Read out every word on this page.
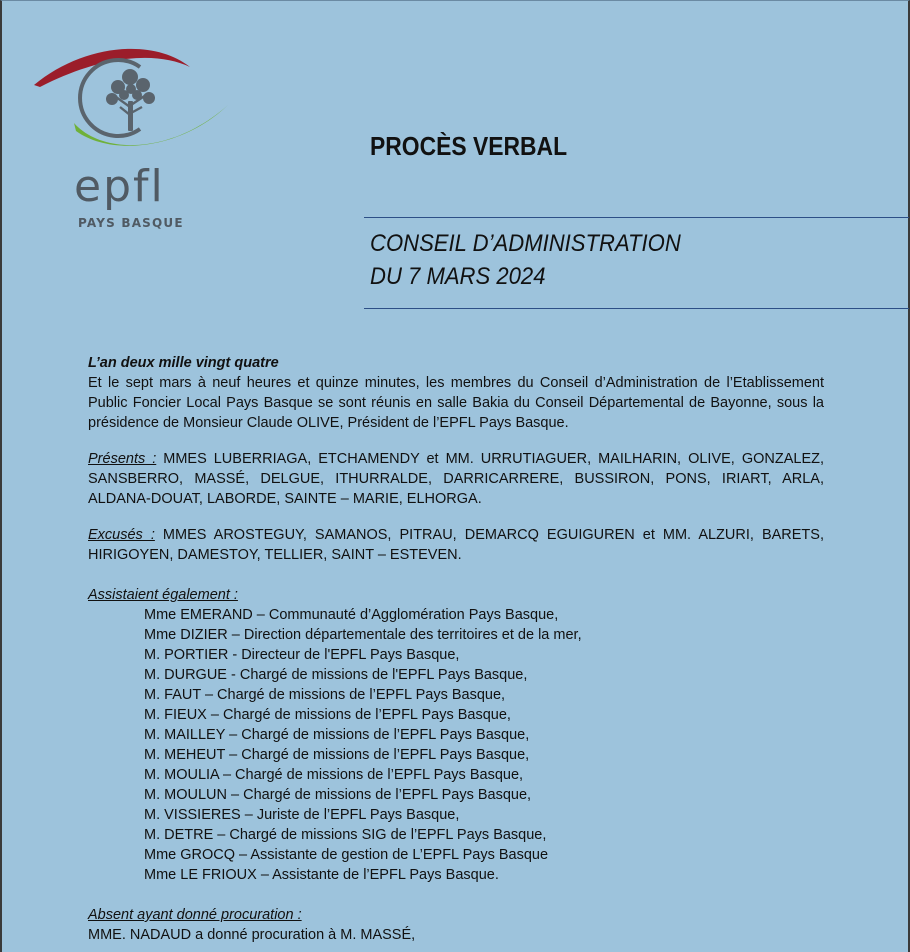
epfl
PAYS BASQUE
PROCÈS VERBAL
CONSEIL D’ADMINISTRATION
DU 7 MARS 2024

L’an deux mille vingt quatre

Et le sept mars à neuf heures et quinze minutes, les membres du Conseil d’Administration de l’Etablissement Public Foncier Local Pays Basque se sont réunis en salle Bakia du Conseil Départemental de Bayonne, sous la présidence de Monsieur Claude OLIVE, Président de l’EPFL Pays Basque.

Présents : MMES LUBERRIAGA, ETCHAMENDY et MM. URRUTIAGUER, MAILHARIN, OLIVE, GONZALEZ, SANSBERRO, MASSÉ, DELGUE, ITHURRALDE, DARRICARRERE, BUSSIRON, PONS, IRIART, ARLA, ALDANA-DOUAT, LABORDE, SAINTE – MARIE, ELHORGA.

Excusés : MMES AROSTEGUY, SAMANOS, PITRAU, DEMARCQ EGUIGUREN et MM. ALZURI, BARETS, HIRIGOYEN, DAMESTOY, TELLIER, SAINT – ESTEVEN.

Assistaient également :

Mme EMERAND – Communauté d’Agglomération Pays Basque,
Mme DIZIER – Direction départementale des territoires et de la mer,
M. PORTIER - Directeur de l'EPFL Pays Basque,
M. DURGUE - Chargé de missions de l'EPFL Pays Basque,
M. FAUT – Chargé de missions de l’EPFL Pays Basque,
M. FIEUX – Chargé de missions de l’EPFL Pays Basque,
M. MAILLEY – Chargé de missions de l’EPFL Pays Basque,
M. MEHEUT – Chargé de missions de l’EPFL Pays Basque,
M. MOULIA – Chargé de missions de l’EPFL Pays Basque,
M. MOULUN – Chargé de missions de l’EPFL Pays Basque,
M. VISSIERES – Juriste de l’EPFL Pays Basque,
M. DETRE – Chargé de missions SIG de l’EPFL Pays Basque,
Mme GROCQ – Assistante de gestion de L’EPFL Pays Basque
Mme LE FRIOUX – Assistante de l’EPFL Pays Basque.

Absent ayant donné procuration :

MME. NADAUD a donné procuration à M. MASSÉ,
